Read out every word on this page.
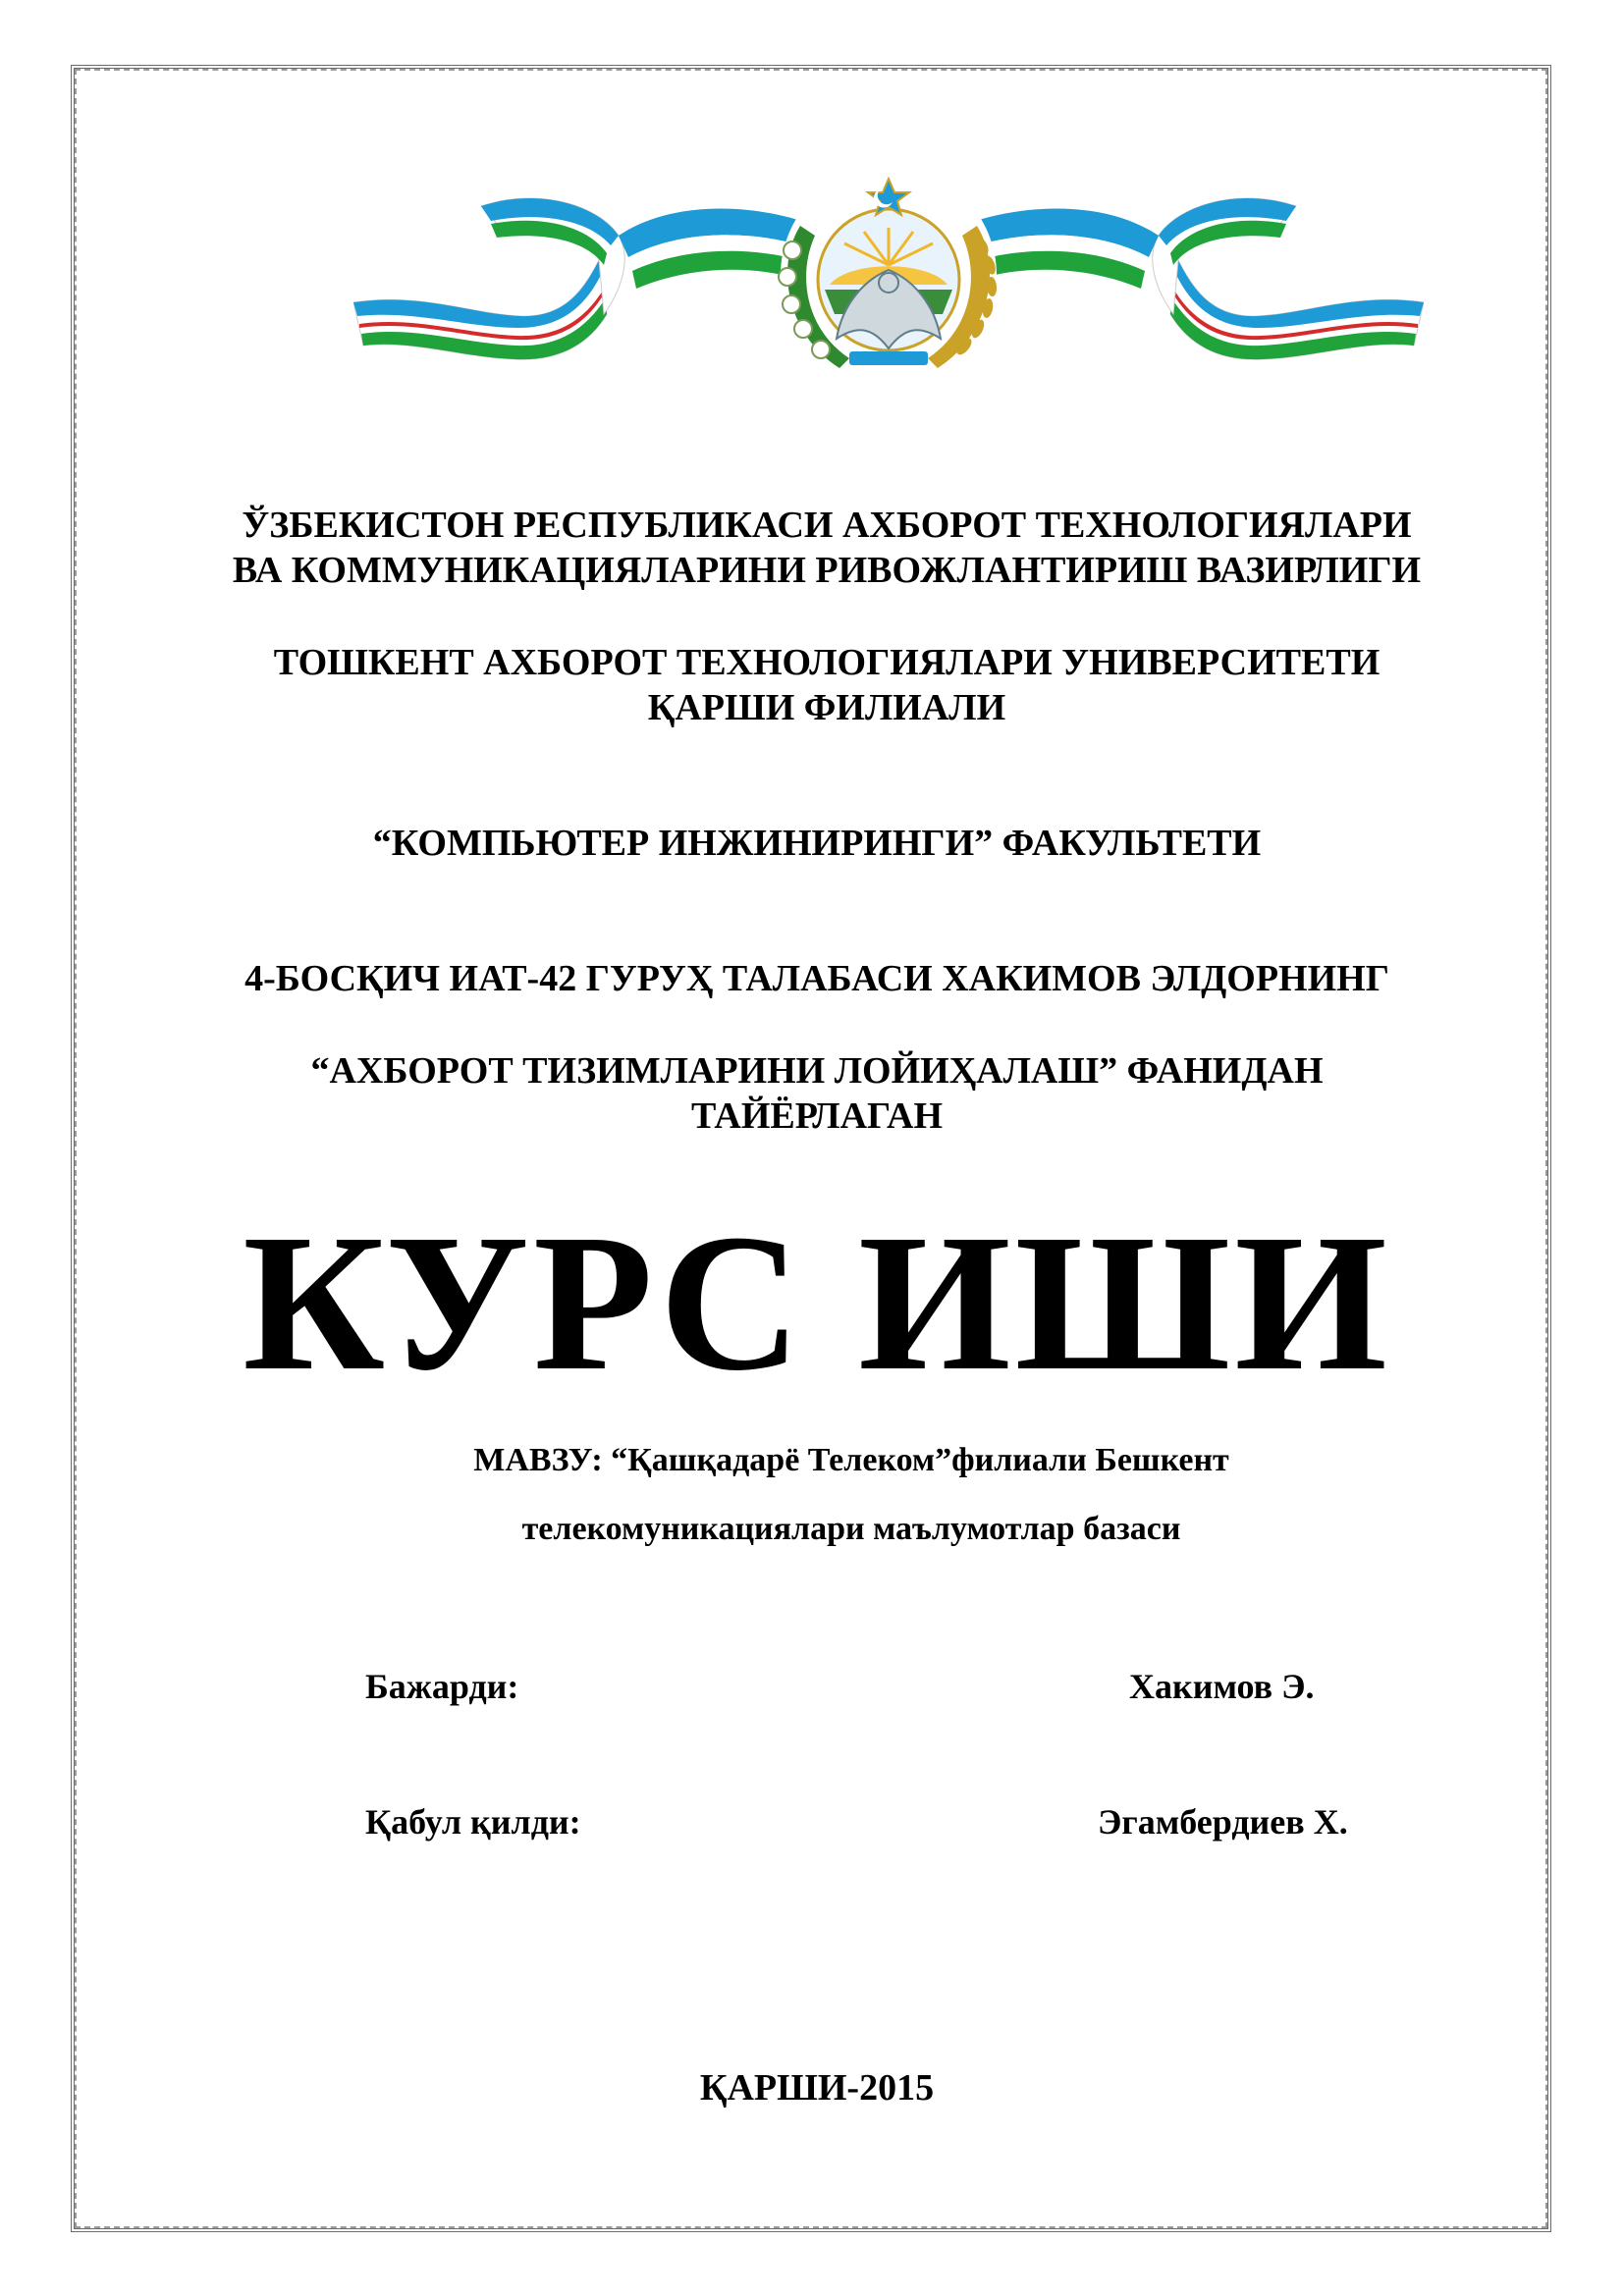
ЎЗБЕКИСТОН РЕСПУБЛИКАСИ АХБОРОТ ТЕХНОЛОГИЯЛАРИ
ВА КОММУНИКАЦИЯЛАРИНИ РИВОЖЛАНТИРИШ ВАЗИРЛИГИ
ТОШКЕНТ АХБОРОТ ТЕХНОЛОГИЯЛАРИ УНИВЕРСИТЕТИ
ҚАРШИ ФИЛИАЛИ
“КОМПЬЮТЕР ИНЖИНИРИНГИ” ФАКУЛЬТЕТИ
4-БОСҚИЧ ИАТ-42 ГУРУҲ ТАЛАБАСИ ХАКИМОВ ЭЛДОРНИНГ
“АХБОРОТ ТИЗИМЛАРИНИ ЛОЙИҲАЛАШ” ФАНИДАН
ТАЙЁРЛАГАН
КУРС ИШИ
МАВЗУ: “Қашқадарё Телеком”филиали Бешкент
телекомуникациялари маълумотлар базаси
Бажарди:	Хакимов Э.
Қабул қилди:	Эгамбердиев Х.
ҚАРШИ-2015
